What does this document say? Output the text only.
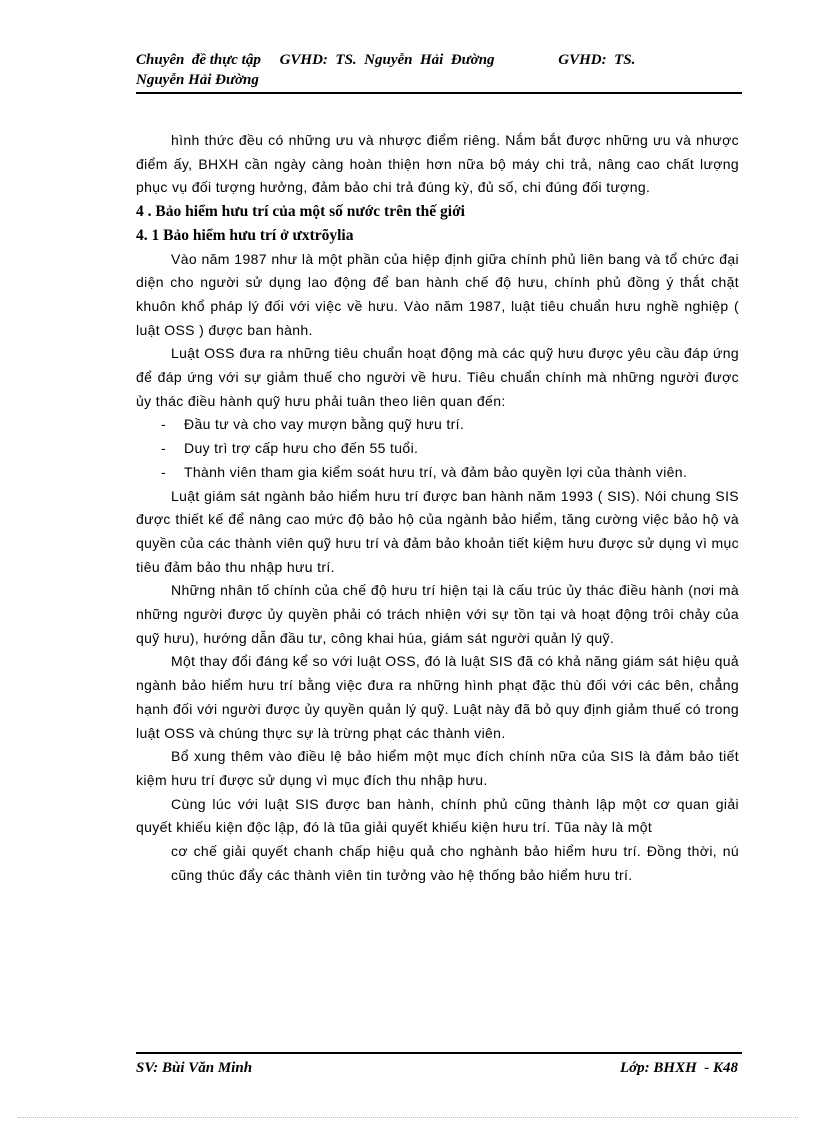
Chuyên  đề thực tập     GVHD:  TS.  Nguyễn  Hải  Đường                 GVHD:  TS.
Nguyễn Hải Đường

hình thức đều có những ưu và nhược điểm riêng. Nắm bắt được những ưu và nhược điểm ấy, BHXH cần ngày càng hoàn thiện hơn nữa bộ máy chi trả, nâng cao chất lượng phục vụ đối tượng hưởng, đảm bảo chi trả đúng kỳ, đủ số, chi đúng đối tượng.

4 . Bảo hiểm hưu trí của một số nước trên thế giới
4. 1 Bảo hiểm hưu trí ở ưxtrõylia

Vào năm 1987 như là một phần của hiệp định giữa chính phủ liên bang và tổ chức đại diện cho người sử dụng lao động để ban hành chế độ hưu, chính phủ đồng ý thắt chặt khuôn khổ pháp lý đối với việc về hưu. Vào năm 1987, luật tiêu chuẩn hưu nghề nghiệp ( luật OSS ) được ban hành.

Luật OSS đưa ra những tiêu chuẩn hoạt động mà các quỹ hưu được yêu cầu đáp ứng để đáp ứng với sự giảm thuế cho người về hưu. Tiêu chuẩn chính mà những người được ủy thác điều hành quỹ hưu phải tuân theo liên quan đến:

- Đầu tư và cho vay mượn bằng quỹ hưu trí.
- Duy trì trợ cấp hưu cho đến 55 tuổi.
- Thành viên tham gia kiểm soát hưu trí, và đảm bảo quyền lợi của thành viên.

Luật giám sát ngành bảo hiểm hưu trí được ban hành năm 1993 ( SIS). Nói chung SIS được thiết kế để nâng cao mức độ bảo hộ của ngành bảo hiểm, tăng cường việc bảo hộ và quyền của các thành viên quỹ hưu trí và đảm bảo khoản tiết kiệm hưu được sử dụng vì mục tiêu đảm bảo thu nhập hưu trí.

Những nhân tố chính của chế độ hưu trí hiện tại là cấu trúc ủy thác điều hành (nơi mà những người được ủy quyền phải có trách nhiện với sự tồn tại và hoạt động trôi chảy của quỹ hưu), hướng dẫn đầu tư, công khai húa, giám sát người quản lý quỹ.

Một thay đổi đáng kể so với luật OSS, đó là luật SIS đã có khả năng giám sát hiệu quả ngành bảo hiểm hưu trí bằng việc đưa ra những hình phạt đặc thù đối với các bên, chẳng hạnh đối với người được ủy quyền quản lý quỹ. Luật này đã bỏ quy định giảm thuế có trong luật OSS và chúng thực sự là trừng phạt các thành viên.

Bổ xung thêm vào điều lệ bảo hiểm một mục đích chính nữa của SIS là đảm bảo tiết kiệm hưu trí được sử dụng vì mục đích thu nhập hưu.

Cùng lúc với luật SIS được ban hành, chính phủ cũng thành lập một cơ quan giải quyết khiếu kiện độc lập, đó là tũa giải quyết khiếu kiện hưu trí. Tũa này là một

cơ chế giải quyết chanh chấp hiệu quả cho nghành bảo hiểm hưu trí. Đồng thời, nú cũng thúc đẩy các thành viên tin tưởng vào hệ thống bảo hiểm hưu trí.

SV: Bùi Văn Minh	Lớp: BHXH  - K48
